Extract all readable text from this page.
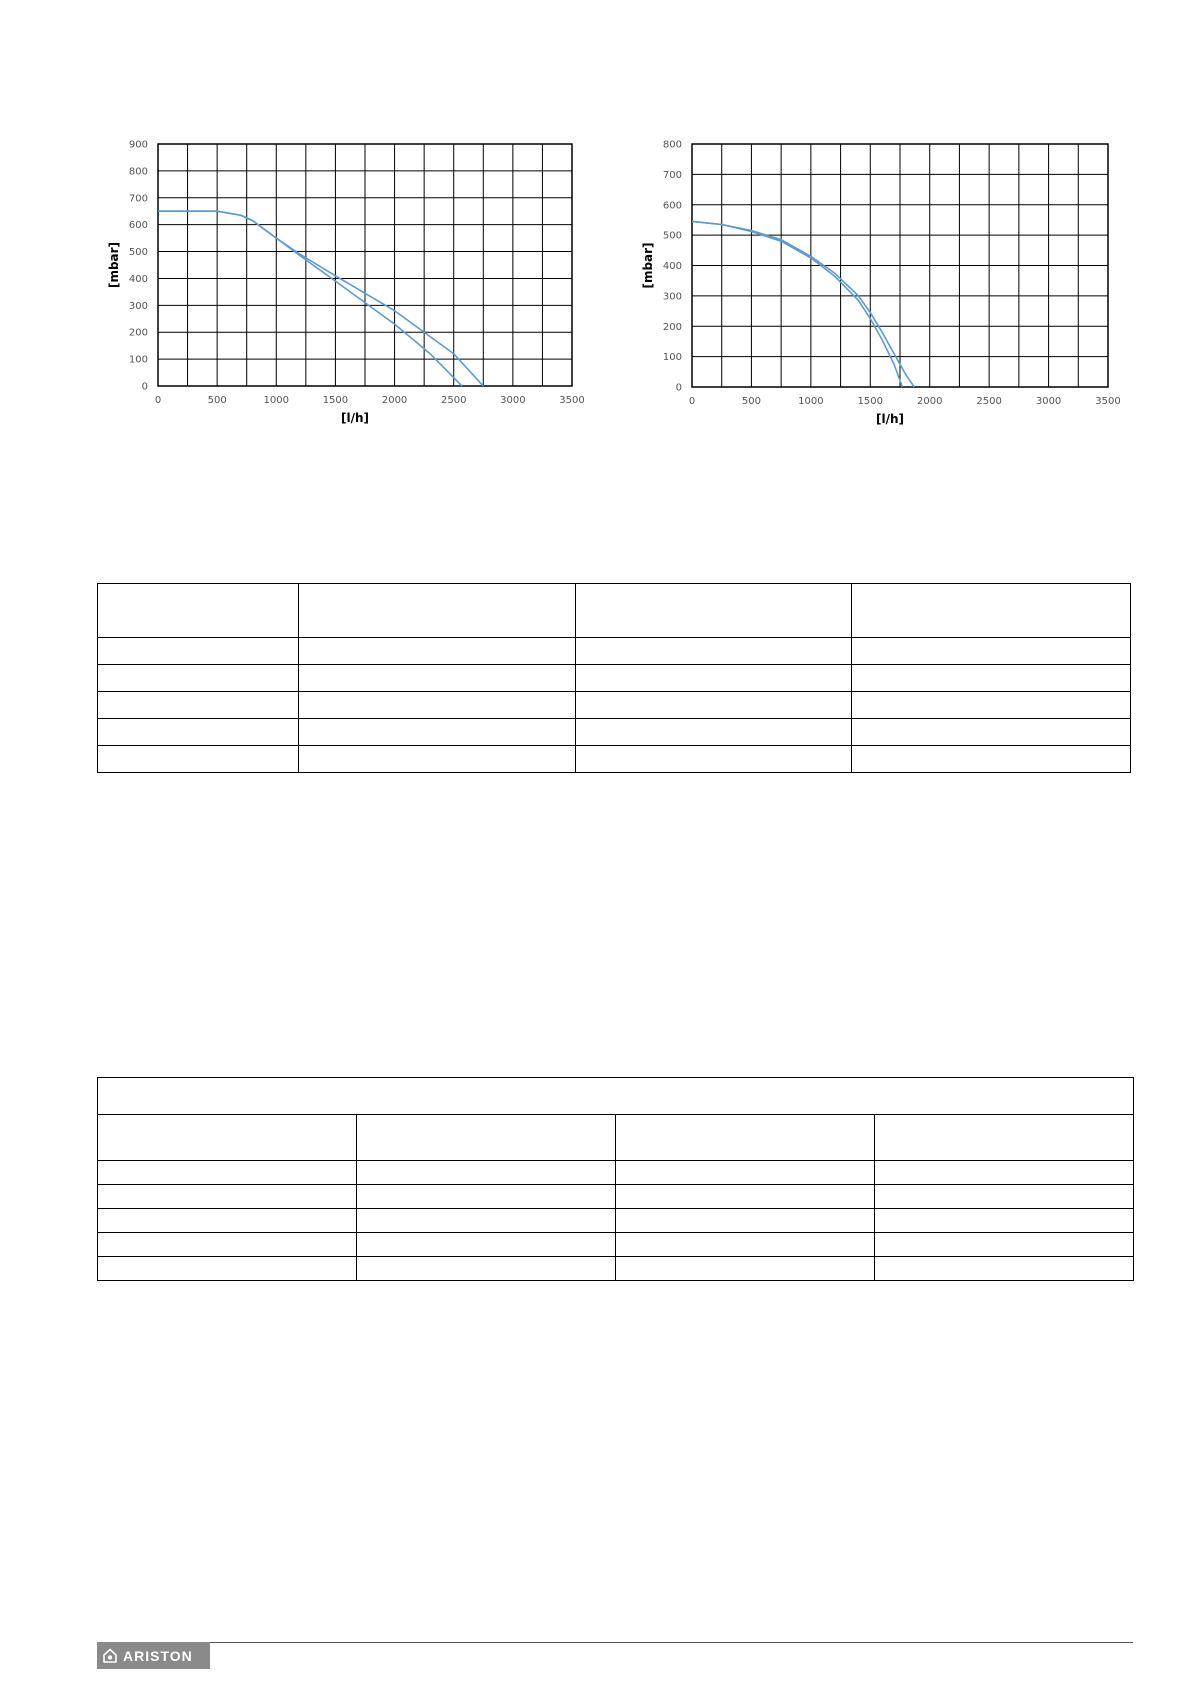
0	500	1000	1500	2000	2500	3000	3500
0
100
200
300
400
500
600
700
800
900
[l/h]
[mbar]
0	500	1000	1500	2000	2500	3000	3500
0
100
200
300
400
500
600
700
800
[l/h]
[mbar]

ARISTON
